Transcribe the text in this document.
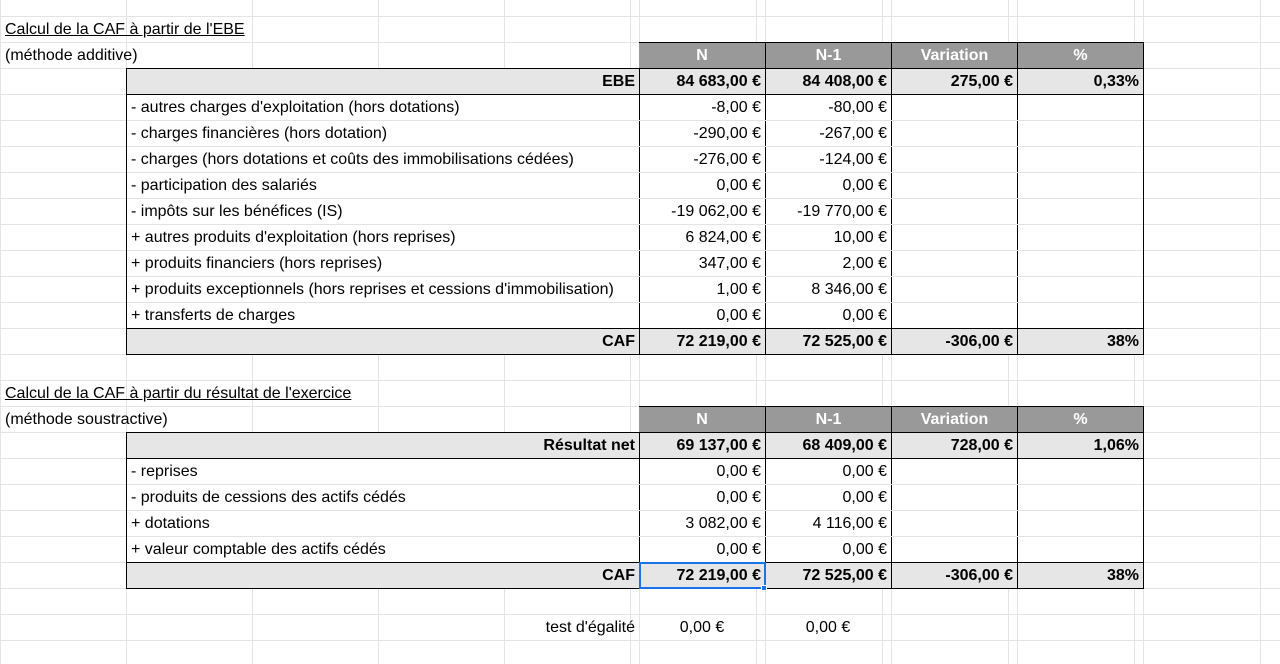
Calcul de la CAF à partir de l'EBE
(méthode additive)	N	N-1	Variation	%
EBE	84 683,00 €	84 408,00 €	275,00 €	0,33%
- autres charges d'exploitation (hors dotations)	-8,00 €	-80,00 €
- charges financières (hors dotation)	-290,00 €	-267,00 €
- charges (hors dotations et coûts des immobilisations cédées)	-276,00 €	-124,00 €
- participation des salariés	0,00 €	0,00 €
- impôts sur les bénéfices (IS)	-19 062,00 €	-19 770,00 €
+ autres produits d'exploitation (hors reprises)	6 824,00 €	10,00 €
+ produits financiers (hors reprises)	347,00 €	2,00 €
+ produits exceptionnels (hors reprises et cessions d'immobilisation)	1,00 €	8 346,00 €
+ transferts de charges	0,00 €	0,00 €
CAF	72 219,00 €	72 525,00 €	-306,00 €	38%
Calcul de la CAF à partir du résultat de l'exercice
(méthode soustractive)	N	N-1	Variation	%
Résultat net	69 137,00 €	68 409,00 €	728,00 €	1,06%
- reprises	0,00 €	0,00 €
- produits de cessions des actifs cédés	0,00 €	0,00 €
+ dotations	3 082,00 €	4 116,00 €
+ valeur comptable des actifs cédés	0,00 €	0,00 €
CAF	72 219,00 €	72 525,00 €	-306,00 €	38%
test d'égalité	0,00 €	0,00 €
